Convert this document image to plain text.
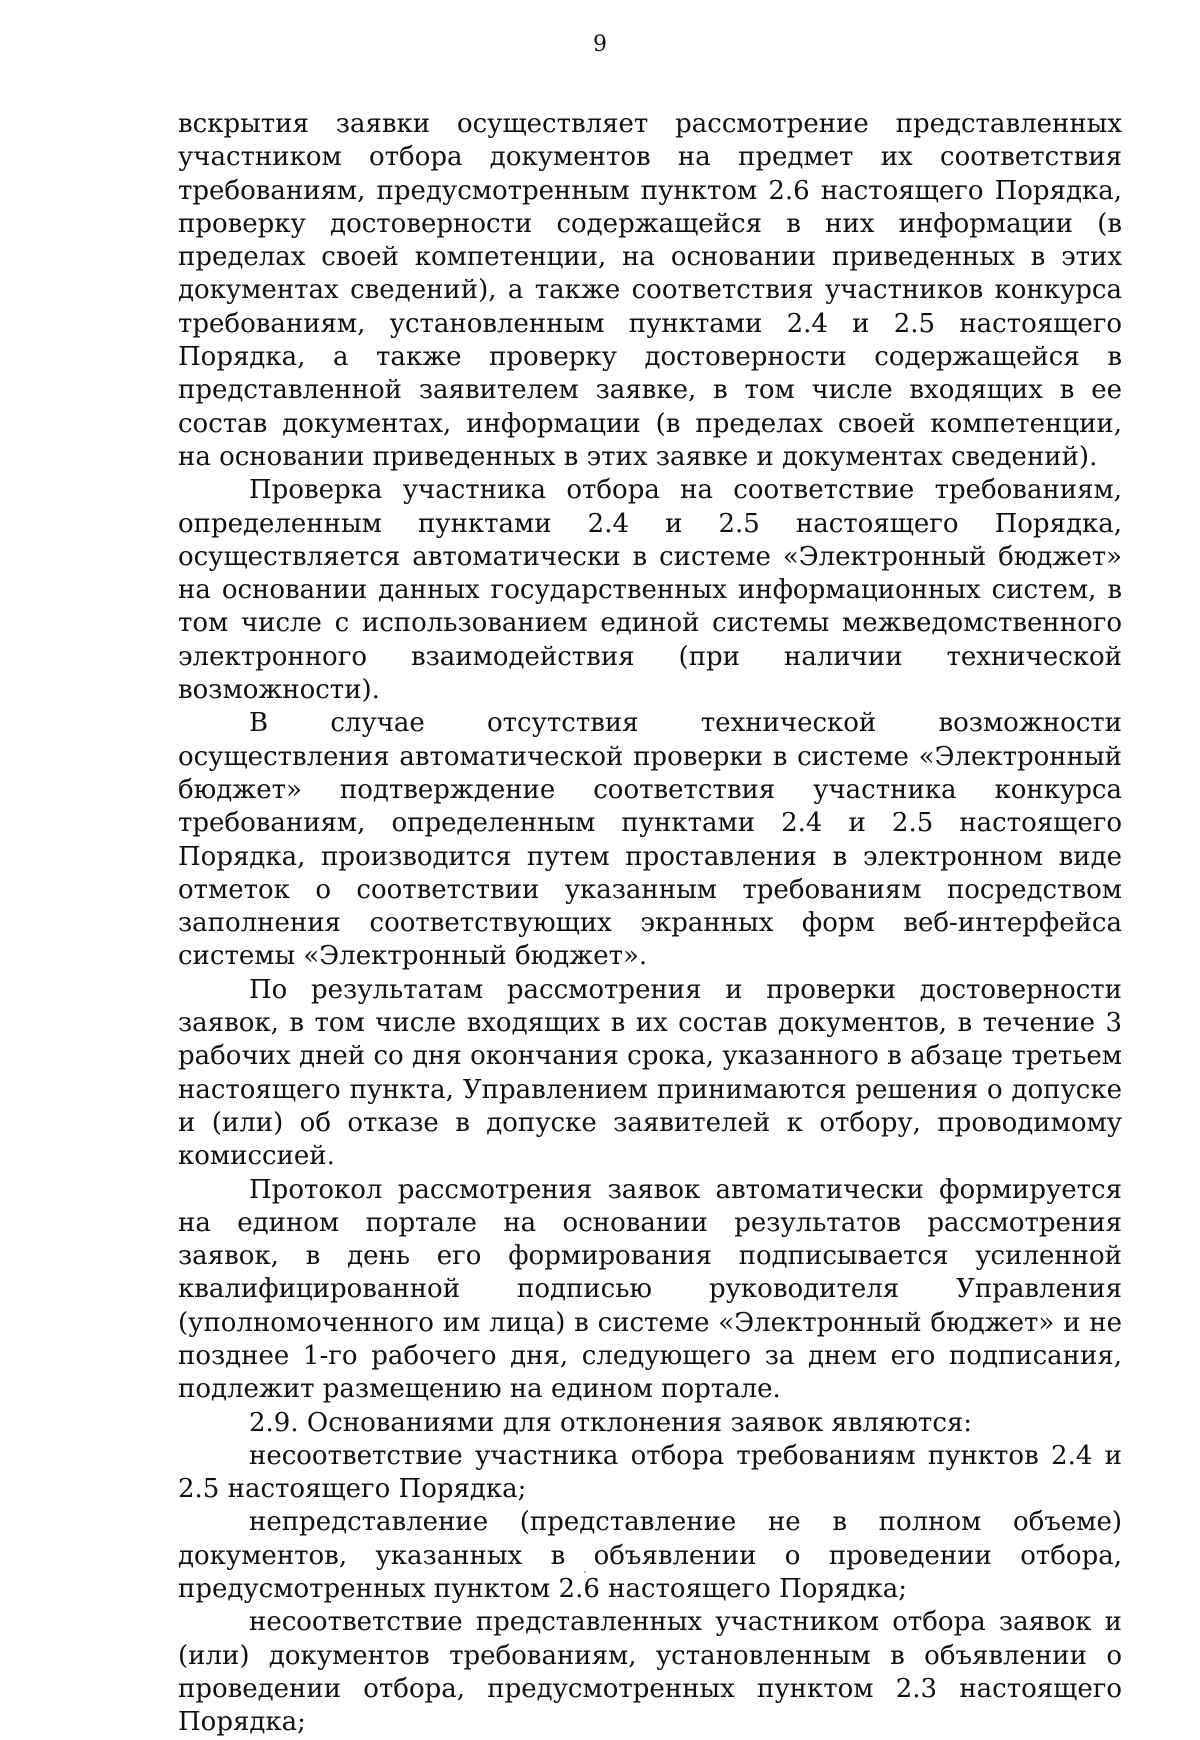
9

вскрытия заявки осуществляет рассмотрение представленных участником отбора документов на предмет их соответствия требованиям, предусмотренным пунктом 2.6 настоящего Порядка, проверку достоверности содержащейся в них информации (в пределах своей компетенции, на основании приведенных в этих документах сведений), а также соответствия участников конкурса требованиям, установленным пунктами 2.4 и 2.5 настоящего Порядка, а также проверку достоверности содержащейся в представленной заявителем заявке, в том числе входящих в ее состав документах, информации (в пределах своей компетенции, на основании приведенных в этих заявке и документах сведений).

Проверка участника отбора на соответствие требованиям, определенным пунктами 2.4 и 2.5 настоящего Порядка, осуществляется автоматически в системе «Электронный бюджет» на основании данных государственных информационных систем, в том числе с использованием единой системы межведомственного электронного взаимодействия (при наличии технической возможности).

В случае отсутствия технической возможности осуществления автоматической проверки в системе «Электронный бюджет» подтверждение соответствия участника конкурса требованиям, определенным пунктами 2.4 и 2.5 настоящего Порядка, производится путем проставления в электронном виде отметок о соответствии указанным требованиям посредством заполнения соответствующих экранных форм веб-интерфейса системы «Электронный бюджет».

По результатам рассмотрения и проверки достоверности заявок, в том числе входящих в их состав документов, в течение 3 рабочих дней со дня окончания срока, указанного в абзаце третьем настоящего пункта, Управлением принимаются решения о допуске и (или) об отказе в допуске заявителей к отбору, проводимому комиссией.

Протокол рассмотрения заявок автоматически формируется на едином портале на основании результатов рассмотрения заявок, в день его формирования подписывается усиленной квалифицированной подписью руководителя Управления (уполномоченного им лица) в системе «Электронный бюджет» и не позднее 1-го рабочего дня, следующего за днем его подписания, подлежит размещению на едином портале.

2.9. Основаниями для отклонения заявок являются:

несоответствие участника отбора требованиям пунктов 2.4 и 2.5 настоящего Порядка;

непредставление (представление не в полном объеме) документов, указанных в объявлении о проведении отбора, предусмотренных пунктом 2.6 настоящего Порядка;

несоответствие представленных участником отбора заявок и (или) документов требованиям, установленным в объявлении о проведении отбора, предусмотренных пунктом 2.3 настоящего Порядка;
